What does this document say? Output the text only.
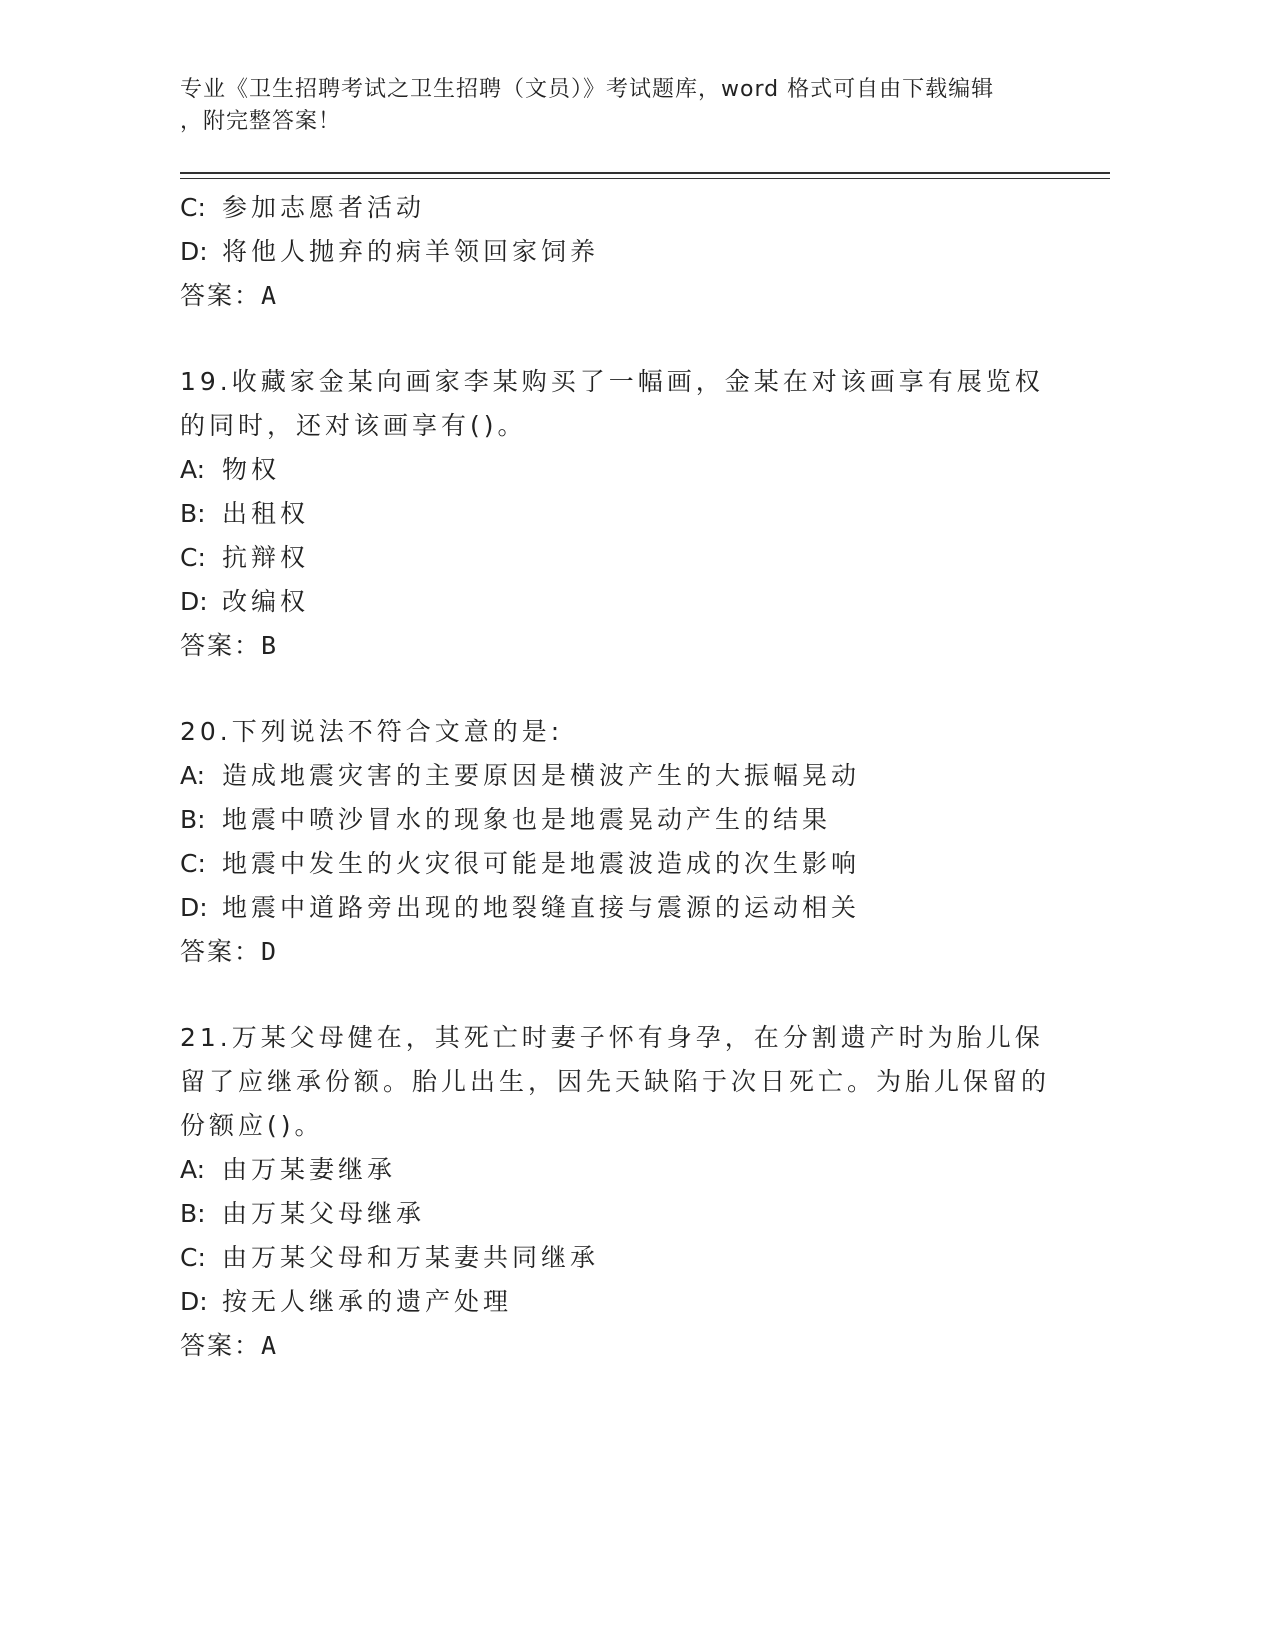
专业《卫生招聘考试之卫生招聘（文员）》考试题库，word 格式可自由下载编辑
，附完整答案！
C: 参加志愿者活动
D: 将他人抛弃的病羊领回家饲养
答案：A
19.收藏家金某向画家李某购买了一幅画，金某在对该画享有展览权的同时，还对该画享有()。
A: 物权
B: 出租权
C: 抗辩权
D: 改编权
答案：B
20.下列说法不符合文意的是:
A: 造成地震灾害的主要原因是横波产生的大振幅晃动
B: 地震中喷沙冒水的现象也是地震晃动产生的结果
C: 地震中发生的火灾很可能是地震波造成的次生影响
D: 地震中道路旁出现的地裂缝直接与震源的运动相关
答案：D
21.万某父母健在，其死亡时妻子怀有身孕，在分割遗产时为胎儿保留了应继承份额。胎儿出生，因先天缺陷于次日死亡。为胎儿保留的份额应()。
A: 由万某妻继承
B: 由万某父母继承
C: 由万某父母和万某妻共同继承
D: 按无人继承的遗产处理
答案：A
